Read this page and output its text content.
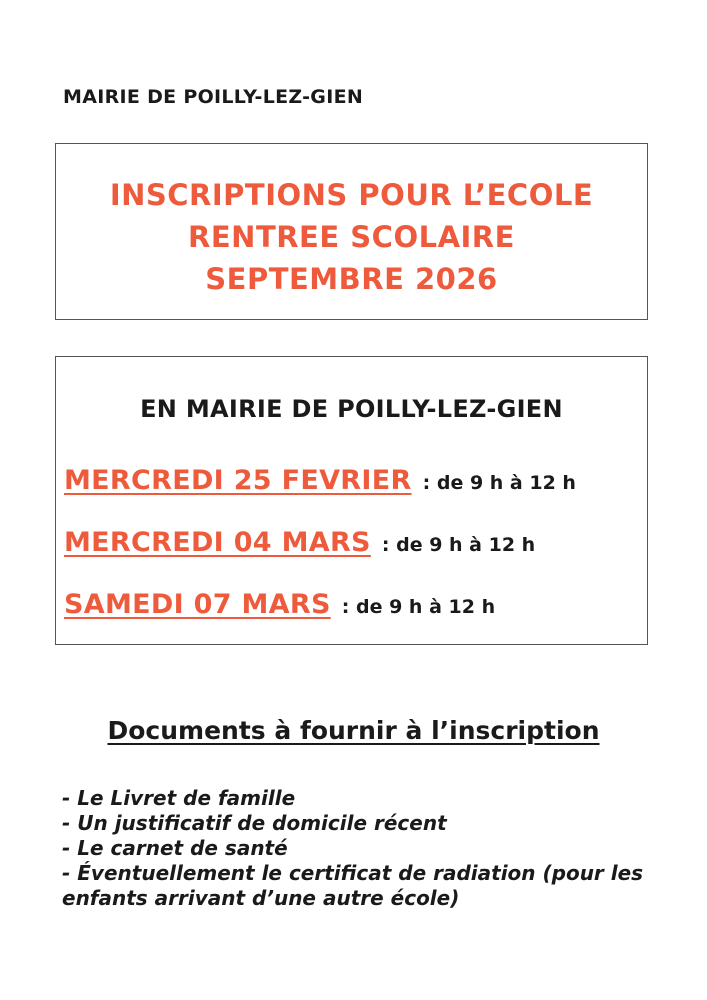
MAIRIE DE POILLY-LEZ-GIEN
INSCRIPTIONS POUR L’ECOLE
RENTREE SCOLAIRE
SEPTEMBRE 2026
EN MAIRIE DE POILLY-LEZ-GIEN
MERCREDI 25 FEVRIER : de 9 h à 12 h
MERCREDI 04 MARS : de 9 h à 12 h
SAMEDI 07 MARS : de 9 h à 12 h
Documents à fournir à l’inscription
- Le Livret de famille
- Un justificatif de domicile récent
- Le carnet de santé
- Éventuellement le certificat de radiation (pour les enfants arrivant d’une autre école)
